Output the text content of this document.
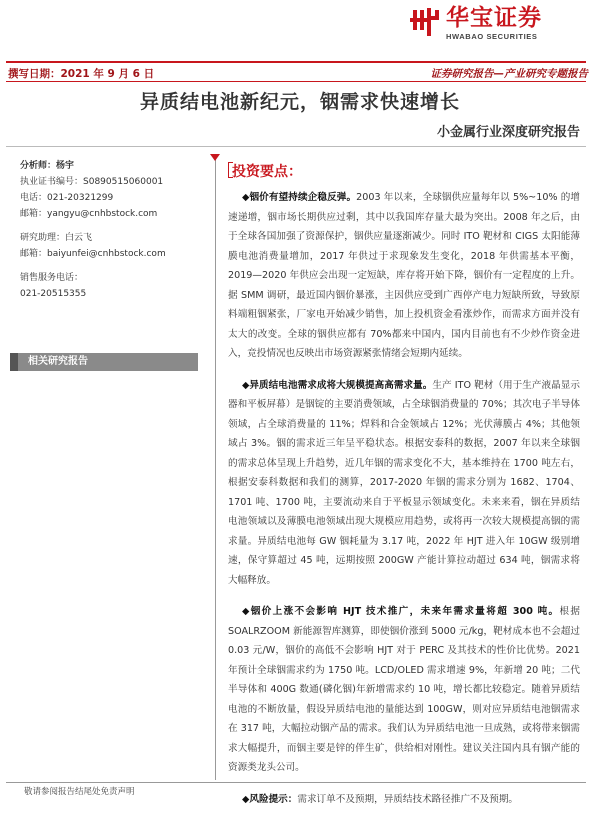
华宝证券
HWABAO SECURITIES
撰写日期：2021 年 9 月 6 日	证券研究报告—产业研究专题报告
异质结电池新纪元，铟需求快速增长
小金属行业深度研究报告
分析师：杨宇
执业证书编号：S0890515060001
电话：021-20321299
邮箱：yangyu@cnhbstock.com
研究助理：白云飞
邮箱：baiyunfei@cnhbstock.com
销售服务电话：
021-20515355
相关研究报告
投资要点：

◆铟价有望持续企稳反弹。2003 年以来，全球铟供应量每年以 5%~10% 的增速递增，铟市场长期供应过剩，其中以我国库存量大最为突出。2008 年之后，由于全球各国加强了资源保护，铟供应量逐渐减少。同时 ITO 靶材和 CIGS 太阳能薄膜电池消费量增加，2017 年供过于求现象发生变化，2018 年供需基本平衡，2019—2020 年供应会出现一定短缺，库存将开始下降，铟价有一定程度的上升。据 SMM 调研，最近国内铟价暴涨，主因供应受到广西停产电力短缺所致，导致原料端粗铟紧张，厂家电开始减少销售，加上投机资金看涨炒作，而需求方面并没有太大的改变。全球的铟供应都有 70%都来中国内，国内目前也有不少炒作资金进入，竞投情况也反映出市场资源紧张情绪会短期内延续。

◆异质结电池需求成将大规模提高高需求量。生产 ITO 靶材（用于生产液晶显示器和平板屏幕）是铟锭的主要消费领域，占全球铟消费量的 70%；其次电子半导体领域，占全球消费量的 11%；焊料和合金领域占 12%；光伏薄膜占 4%；其他领域占 3%。铟的需求近三年呈平稳状态。根据安泰科的数据，2007 年以来全球铟的需求总体呈现上升趋势，近几年铟的需求变化不大，基本维持在 1700 吨左右，根据安泰科数据和我们的测算，2017-2020 年铟的需求分别为 1682、1704、1701 吨、1700 吨，主要流动来自于平板显示领域变化。未来来看，铟在异质结电池领域以及薄膜电池领域出现大规模应用趋势，或将再一次较大规模提高铟的需求量。异质结电池每 GW 铟耗量为 3.17 吨，2022 年 HJT 进入年 10GW 级别增速，保守算超过 45 吨，远期按照 200GW 产能计算拉动超过 634 吨，铟需求将大幅释放。

◆铟价上涨不会影响 HJT 技术推广，未来年需求量将超 300 吨。根据 SOALRZOOM 新能源智库测算，即使铟价涨到 5000 元/kg，靶材成本也不会超过 0.03 元/W，铟价的高低不会影响 HJT 对于 PERC 及其技术的性价比优势。2021 年预计全球铟需求约为 1750 吨。LCD/OLED 需求增速 9%，年新增 20 吨；二代半导体和 400G 数通(磷化铟)年新增需求约 10 吨，增长都比较稳定。随着异质结电池的不断放量，假设异质结电池的量能达到 100GW，则对应异质结电池铟需求在 317 吨，大幅拉动铟产品的需求。我们认为异质结电池一旦成熟，或将带来铟需求大幅提升，而铟主要是锌的伴生矿，供给相对刚性。建议关注国内具有铟产能的资源类龙头公司。

◆风险提示：需求订单不及预期，异质结技术路径推广不及预期。

敬请参阅报告结尾处免责声明
